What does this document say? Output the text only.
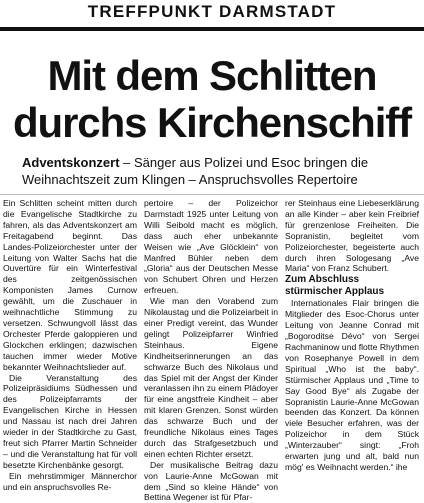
TREFFPUNKT DARMSTADT
Mit dem Schlitten
durchs Kirchenschiff
Adventskonzert – Sänger aus Polizei und Esoc bringen die Weihnachtszeit zum Klingen – Anspruchsvolles Repertoire

Ein Schlitten scheint mitten durch die Evangelische Stadtkirche zu fahren, als das Adventskonzert am Freitagabend beginnt. Das Landes-Polizeiorchester unter der Leitung von Walter Sachs hat die Ouvertüre für ein Winterfestival des zeitgenössischen Komponisten James Curnow gewählt, um die Zuschauer in weihnachtliche Stimmung zu versetzen. Schwungvoll lässt das Orchester Pferde galoppieren und Glockchen erklingen; dazwischen tauchen immer wieder Motive bekannter Weihnachtslieder auf.

Die Veranstaltung des Polizeipräsidiums Südhessen und des Polizeipfarramts der Evangelischen Kirche in Hessen und Nassau ist nach drei Jahren wieder in der Stadtkirche zu Gast, freut sich Pfarrer Martin Schneider – und die Veranstaltung hat für voll besetzte Kirchenbänke gesorgt.

Ein mehrstimmiger Männerchor und ein anspruchsvolles Re-

pertoire – der Polizeichor Darmstadt 1925 unter Leitung von Willi Seibold macht es möglich, dass auch eher unbekannte Weisen wie „Ave Glöcklein“ von Manfred Bühler neben dem „Gloria“ aus der Deutschen Messe von Schubert Ohren und Herzen erfreuen.

Wie man den Vorabend zum Nikolaustag und die Polizeiarbeit in einer Predigt vereint, das Wunder gelingt Polizeipfarrer Winfried Steinhaus. Eigene Kindheitserinnerungen an das schwarze Buch des Nikolaus und das Spiel mit der Angst der Kinder veranlassen ihn zu einem Plädoyer für eine angstfreie Kindheit – aber mit klaren Grenzen. Sonst würden das schwarze Buch und der freundliche Nikolaus eines Tages durch das Strafgesetzbuch und einen echten Richter ersetzt.

Der musikalische Beitrag dazu von Laurie-Anne McGowan mit dem „Sind so kleine Hände“ von Bettina Wegener ist für Pfar-

rer Steinhaus eine Liebeserklärung an alle Kinder – aber kein Freibrief für grenzenlose Freiheiten. Die Sopranistin, begleitet vom Polizeiorchester, begeisterte auch durch ihren Sologesang „Ave Maria“ von Franz Schubert.

Zum Abschluss stürmischer Applaus

Internationales Flair bringen die Mitglieder des Esoc-Chorus unter Leitung von Jeanne Conrad mit „Bogoroditse Dévo“ von Sergei Rachmaninow und flotte Rhythmen von Rosephanye Powell in dem Spiritual „Who ist the baby“. Stürmischer Applaus und „Time to Say Good Bye“ als Zugabe der Sopranistin Laurie-Anne McGowan beenden das Konzert. Da können viele Besucher erfahren, was der Polizeichor in dem Stück „Winterzauber“ singt: „Froh erwarten jung und alt, bald nun mög' es Weihnacht werden.“ ihe
